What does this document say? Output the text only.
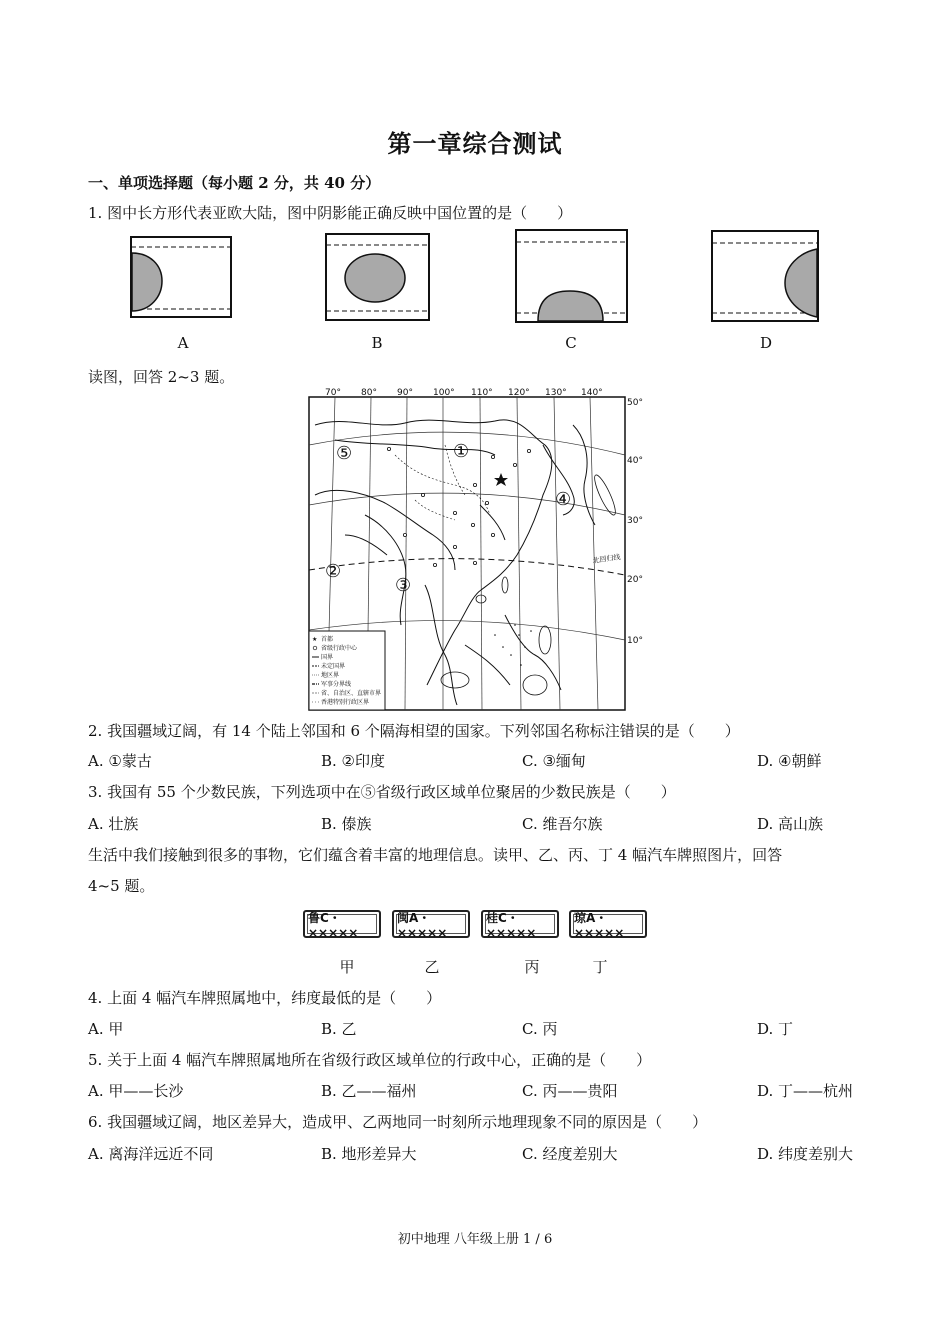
第一章综合测试
一、单项选择题（每小题 2 分，共 40 分）
1. 图中长方形代表亚欧大陆，图中阴影能正确反映中国位置的是（　　）
A	B	C	D
读图，回答 2~3 题。
70° 80° 90° 100° 110° 120° 130° 140°
50°
40°
30°
20°
10°
北回归线
①
②
③
④
⑤
★ 首都
省级行政中心
国界
未定国界
地区界
军事分界线
省、自治区、直辖市界
香港特别行政区界
2. 我国疆域辽阔，有 14 个陆上邻国和 6 个隔海相望的国家。下列邻国名称标注错误的是（　　）
A. ①蒙古	B. ②印度	C. ③缅甸	D. ④朝鲜
3. 我国有 55 个少数民族，下列选项中在⑤省级行政区域单位聚居的少数民族是（　　）
A. 壮族	B. 傣族	C. 维吾尔族	D. 高山族
生活中我们接触到很多的事物，它们蕴含着丰富的地理信息。读甲、乙、丙、丁 4 幅汽车牌照图片，回答
4~5 题。
鲁C・×××××
闽A・×××××
桂C・×××××
琼A・×××××
甲	乙	丙	丁
4. 上面 4 幅汽车牌照属地中，纬度最低的是（　　）
A. 甲	B. 乙	C. 丙	D. 丁
5. 关于上面 4 幅汽车牌照属地所在省级行政区域单位的行政中心，正确的是（　　）
A. 甲——长沙	B. 乙——福州	C. 丙——贵阳	D. 丁——杭州
6. 我国疆域辽阔，地区差异大，造成甲、乙两地同一时刻所示地理现象不同的原因是（　　）
A. 离海洋远近不同	B. 地形差异大	C. 经度差别大	D. 纬度差别大
初中地理 八年级上册 1 / 6
